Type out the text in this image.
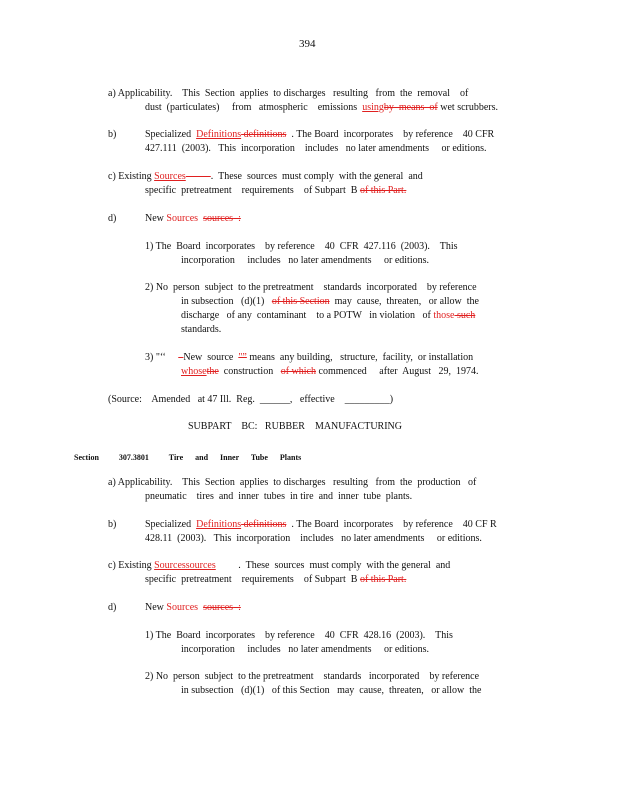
394
a) Applicability.    This  Section  applies  to discharges   resulting   from  the  removal    of
dust  (particulates)     from   atmospheric    emissions  usingby  means  of wet scrubbers.
b)	Specialized  Definitions definitions  . The Board  incorporates    by reference    40 CFR
427.111  (2003).   This  incorporation    includes   no later amendments     or editions.
c) Existing Sources	.  These  sources  must comply  with the general  and
specific  pretreatment    requirements    of Subpart  B of this Part.
d)	New Sources sources  :
1) The  Board  incorporates    by reference    40  CFR  427.116  (2003).    This
incorporation     includes   no later amendments     or editions.
2) No  person  subject  to the pretreatment    standards  incorporated    by reference
in subsection   (d)(1)   of this Section  may  cause,  threaten,   or allow  the
discharge   of any  contaminant    to a POTW   in violation   of those such
standards.
3) "‘‘     –New  source  "” means  any building,   structure,  facility,  or installation
whosethe  construction   of which commenced     after  August   29,  1974.
(Source:    Amended   at 47 Ill.  Reg.  ______,   effective    _________)
SUBPART    BC:   RUBBER    MANUFACTURING
Section	307.3801 Tire      and      Inner      Tube      Plants
a) Applicability.    This  Section  applies  to discharges   resulting   from  the  production   of
pneumatic    tires  and  inner  tubes  in tire  and  inner  tube  plants.
b)	Specialized  Definitions definitions  . The Board  incorporates    by reference    40 CF R
428.11  (2003).   This  incorporation    includes   no later amendments     or editions.
c) Existing Sourcessources         .  These  sources  must comply  with the general  and
specific  pretreatment    requirements    of Subpart  B of this Part.
d)	New Sources sources  :
1) The  Board  incorporates    by reference    40  CFR  428.16  (2003).    This
incorporation     includes   no later amendments     or editions.
2) No  person  subject  to the pretreatment    standards   incorporated    by reference
in subsection   (d)(1)   of this Section   may  cause,  threaten,   or allow  the
